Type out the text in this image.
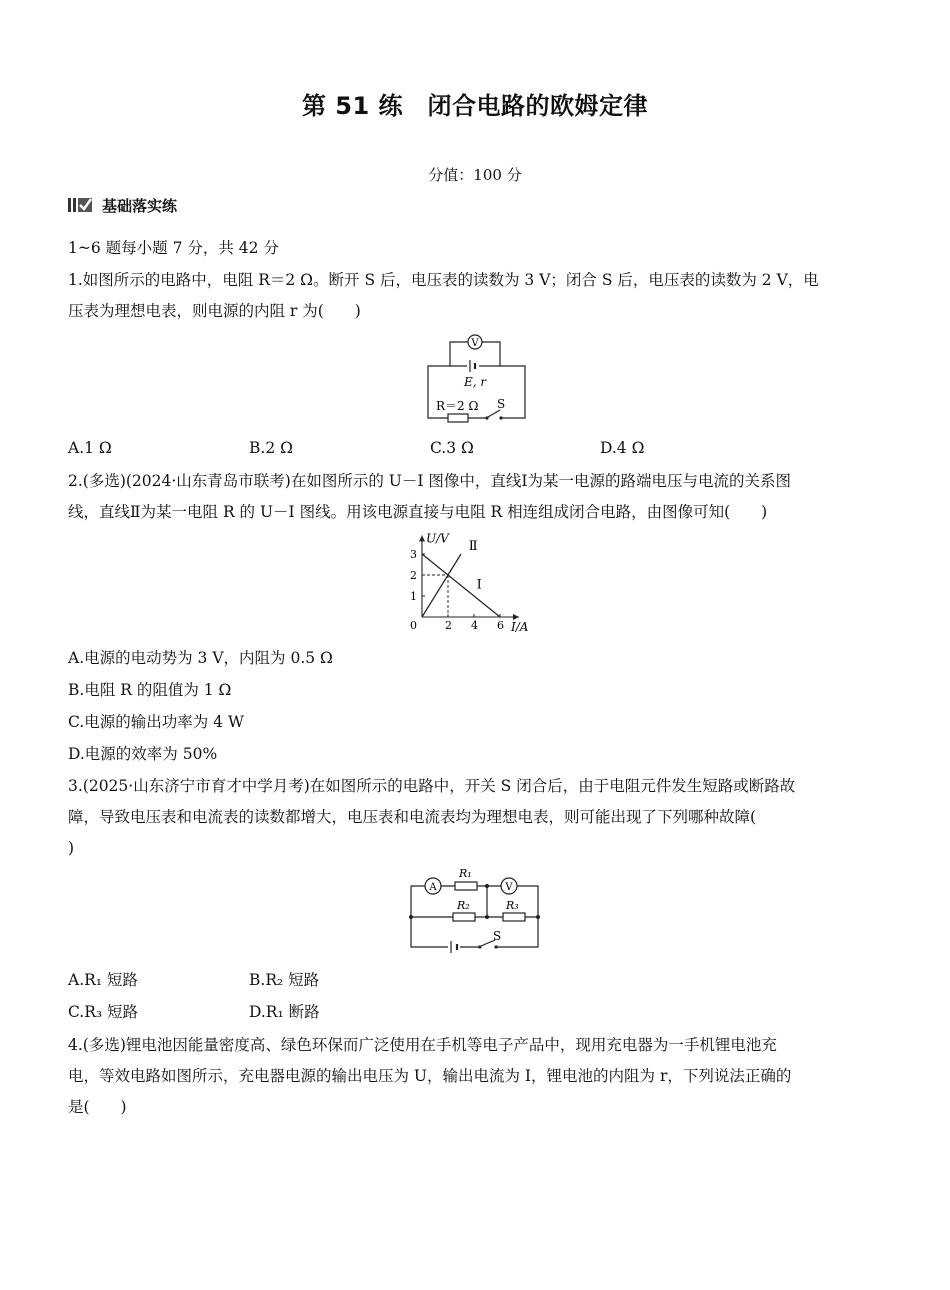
第 51 练　闭合电路的欧姆定律
分值：100 分
基础落实练
1~6 题每小题 7 分，共 42 分
1.如图所示的电路中，电阻 R＝2 Ω。断开 S 后，电压表的读数为 3 V；闭合 S 后，电压表的读数为 2 V，电
压表为理想电表，则电源的内阻 r 为(　　)
V
E, r
R＝2 Ω S
A.1 Ω	B.2 Ω	C.3 Ω	D.4 Ω
2.(多选)(2024·山东青岛市联考)在如图所示的 U－I 图像中，直线Ⅰ为某一电源的路端电压与电流的关系图
线，直线Ⅱ为某一电阻 R 的 U－I 图线。用该电源直接与电阻 R 相连组成闭合电路，由图像可知(　　)
U/V
I/A
0	2 4 6
1
2
3
Ⅰ
Ⅱ
A.电源的电动势为 3 V，内阻为 0.5 Ω
B.电阻 R 的阻值为 1 Ω
C.电源的输出功率为 4 W
D.电源的效率为 50%
3.(2025·山东济宁市育才中学月考)在如图所示的电路中，开关 S 闭合后，由于电阻元件发生短路或断路故
障，导致电压表和电流表的读数都增大，电压表和电流表均为理想电表，则可能出现了下列哪种故障(
)
A
R₁
V
R₂	R₃
S
A.R₁ 短路	B.R₂ 短路
C.R₃ 短路	D.R₁ 断路
4.(多选)锂电池因能量密度高、绿色环保而广泛使用在手机等电子产品中，现用充电器为一手机锂电池充
电，等效电路如图所示，充电器电源的输出电压为 U，输出电流为 I，锂电池的内阻为 r，下列说法正确的
是(　　)
